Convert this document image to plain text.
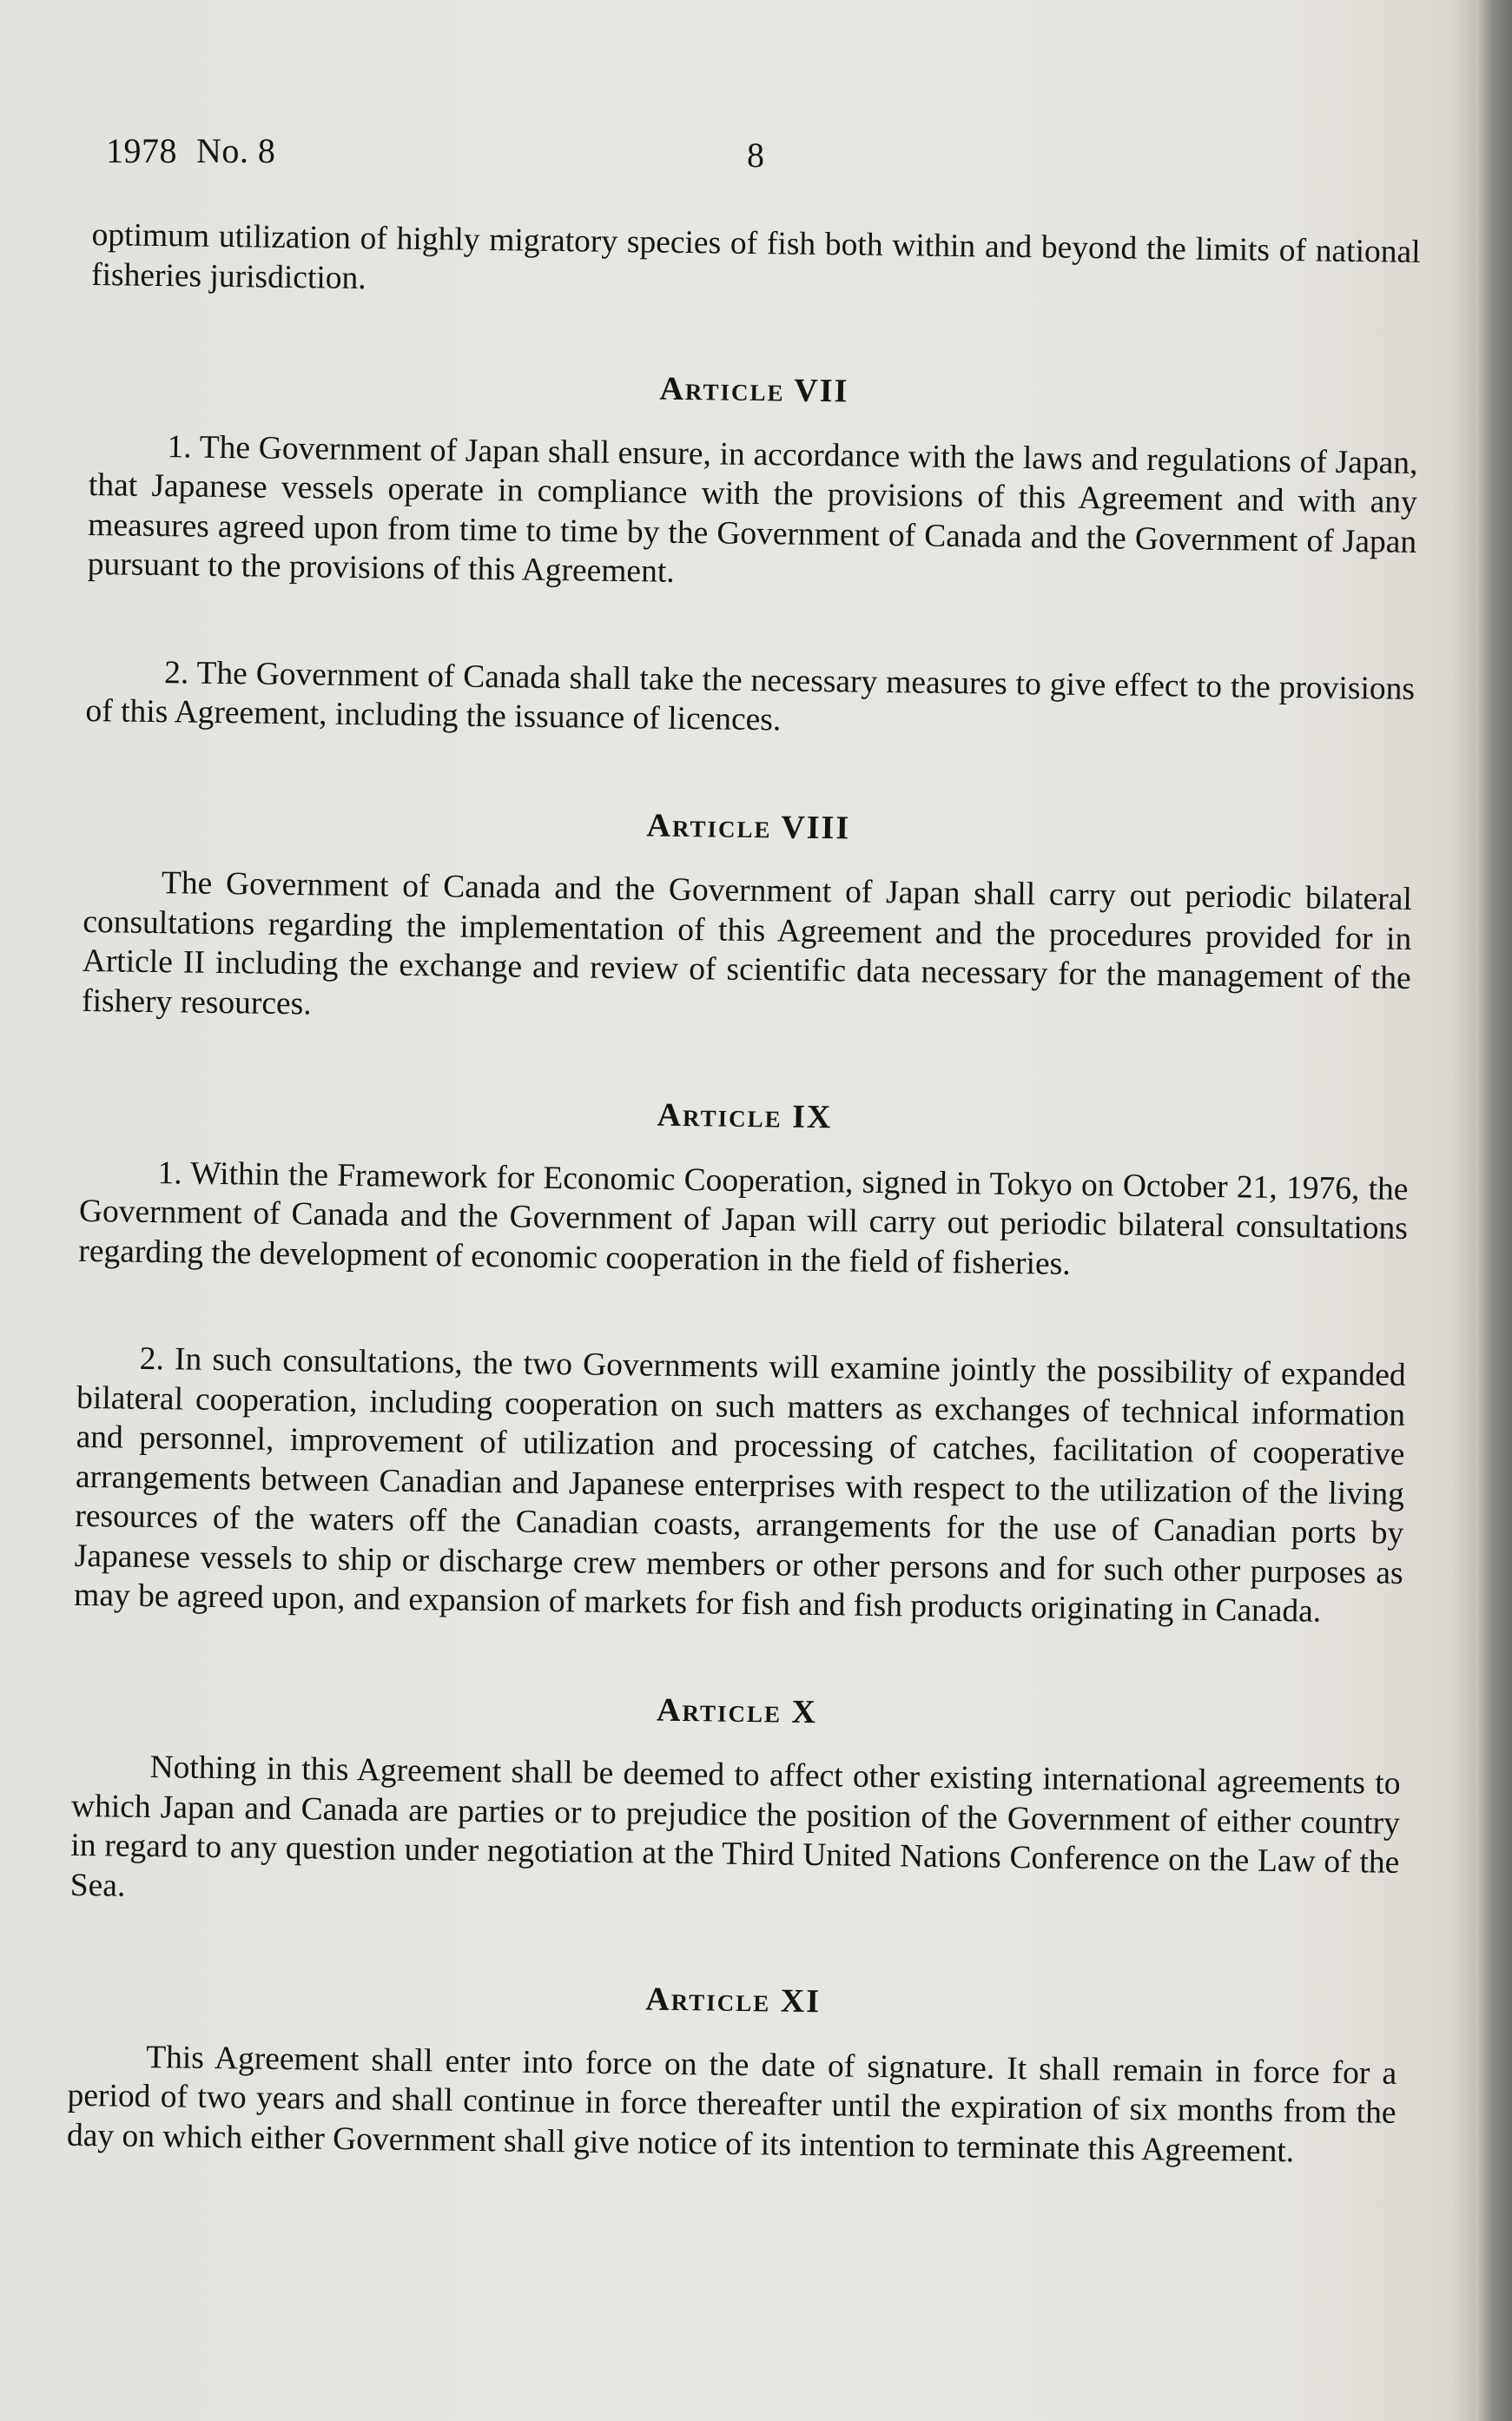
1978 No. 8	8

optimum utilization of highly migratory species of fish both within and beyond the limits of national fisheries jurisdiction.

Article VII

1. The Government of Japan shall ensure, in accordance with the laws and regulations of Japan, that Japanese vessels operate in compliance with the provisions of this Agreement and with any measures agreed upon from time to time by the Government of Canada and the Government of Japan pursuant to the provisions of this Agreement.

2. The Government of Canada shall take the necessary measures to give effect to the provisions of this Agreement, including the issuance of licences.

Article VIII

The Government of Canada and the Government of Japan shall carry out periodic bilateral consultations regarding the implementation of this Agreement and the procedures provided for in Article II including the exchange and review of scientific data necessary for the management of the fishery resources.

Article IX

1. Within the Framework for Economic Cooperation, signed in Tokyo on October 21, 1976, the Government of Canada and the Government of Japan will carry out periodic bilateral consultations regarding the development of economic cooperation in the field of fisheries.

2. In such consultations, the two Governments will examine jointly the possibility of expanded bilateral cooperation, including cooperation on such matters as exchanges of technical information and personnel, improvement of utilization and processing of catches, facilitation of cooperative arrangements between Canadian and Japanese enterprises with respect to the utilization of the living resources of the waters off the Canadian coasts, arrangements for the use of Canadian ports by Japanese vessels to ship or discharge crew members or other persons and for such other purposes as may be agreed upon, and expansion of markets for fish and fish products originating in Canada.

Article X

Nothing in this Agreement shall be deemed to affect other existing international agreements to which Japan and Canada are parties or to prejudice the position of the Government of either country in regard to any question under negotiation at the Third United Nations Conference on the Law of the Sea.

Article XI

This Agreement shall enter into force on the date of signature. It shall remain in force for a period of two years and shall continue in force thereafter until the expiration of six months from the day on which either Government shall give notice of its intention to terminate this Agreement.
